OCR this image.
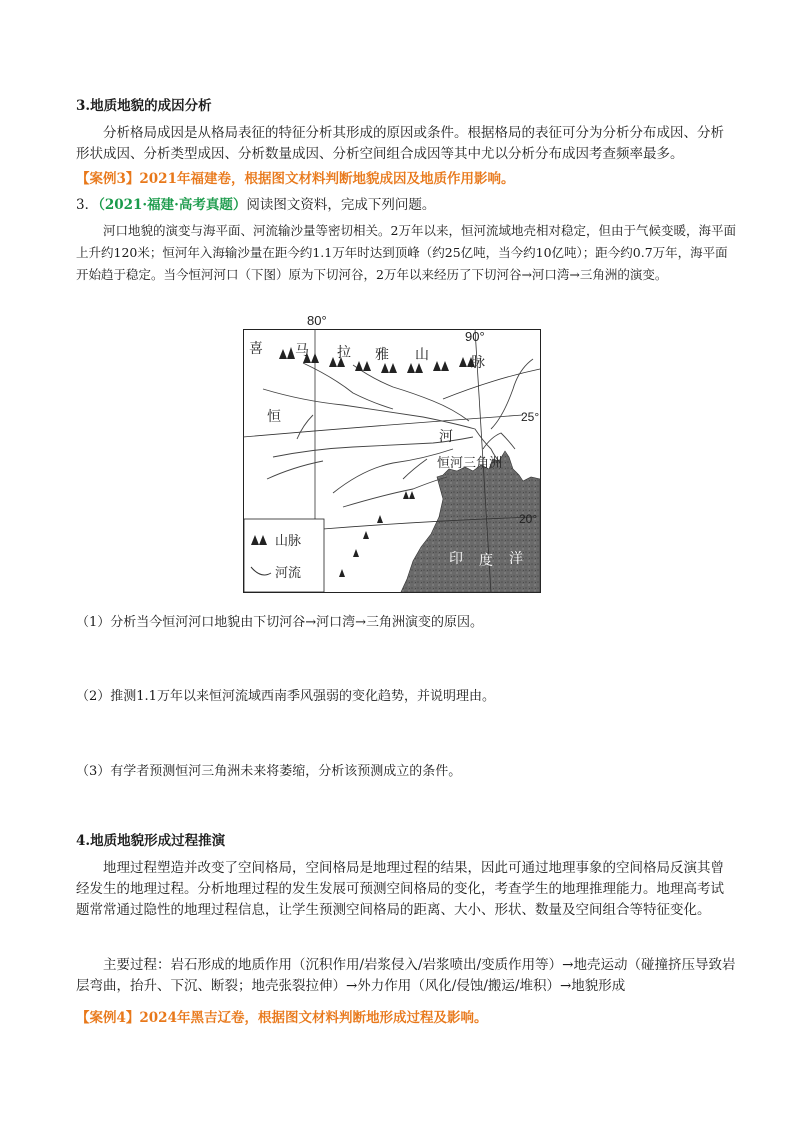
3.地质地貌的成因分析

分析格局成因是从格局表征的特征分析其形成的原因或条件。根据格局的表征可分为分析分布成因、分析形状成因、分析类型成因、分析数量成因、分析空间组合成因等其中尤以分析分布成因考查频率最多。

【案例3】2021年福建卷，根据图文材料判断地貌成因及地质作用影响。

3．（2021·福建·高考真题）阅读图文资料，完成下列问题。

河口地貌的演变与海平面、河流输沙量等密切相关。2万年以来，恒河流域地壳相对稳定，但由于气候变暖，海平面上升约120米；恒河年入海输沙量在距今约1.1万年时达到顶峰（约25亿吨，当今约10亿吨）；距今约0.7万年，海平面开始趋于稳定。当今恒河河口（下图）原为下切河谷，2万年以来经历了下切河谷→河口湾→三角洲的演变。

80°
喜 马 拉 雅 山	脉
90°
25°
20°
恒
河
恒河三角洲
印 度 洋
山脉
河流

（1）分析当今恒河河口地貌由下切河谷→河口湾→三角洲演变的原因。

（2）推测1.1万年以来恒河流域西南季风强弱的变化趋势，并说明理由。

（3）有学者预测恒河三角洲未来将萎缩，分析该预测成立的条件。

4.地质地貌形成过程推演

地理过程塑造并改变了空间格局，空间格局是地理过程的结果，因此可通过地理事象的空间格局反演其曾经发生的地理过程。分析地理过程的发生发展可预测空间格局的变化，考查学生的地理推理能力。地理高考试题常常通过隐性的地理过程信息，让学生预测空间格局的距离、大小、形状、数量及空间组合等特征变化。

主要过程：岩石形成的地质作用（沉积作用/岩浆侵入/岩浆喷出/变质作用等）→地壳运动（碰撞挤压导致岩层弯曲，抬升、下沉、断裂；地壳张裂拉伸）→外力作用（风化/侵蚀/搬运/堆积）→地貌形成

【案例4】2024年黑吉辽卷，根据图文材料判断地形成过程及影响。
